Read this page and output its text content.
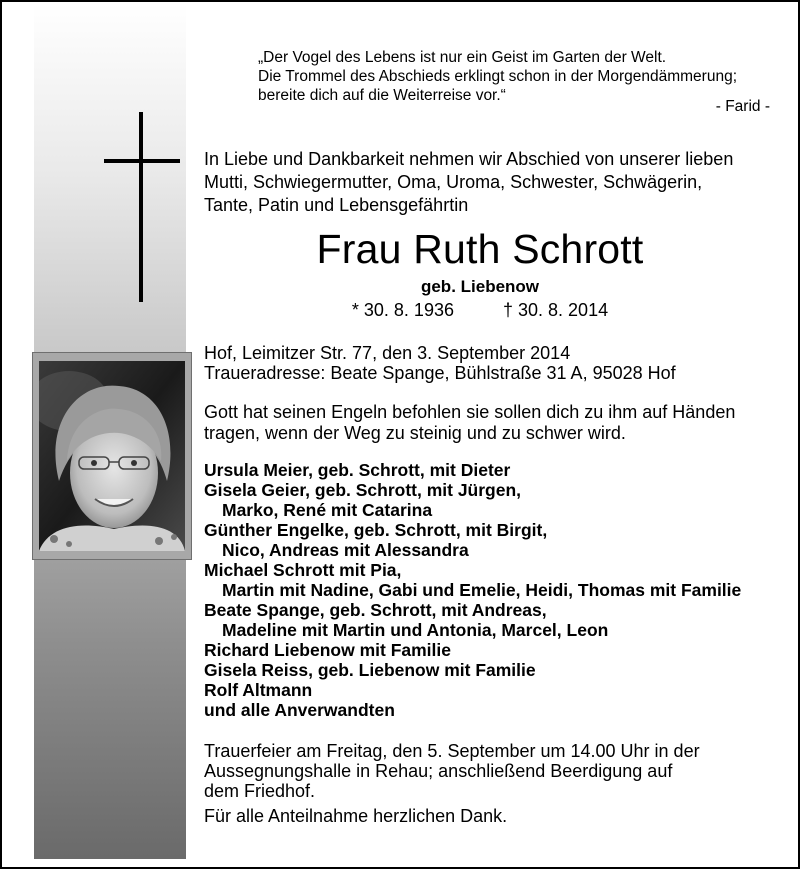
„Der Vogel des Lebens ist nur ein Geist im Garten der Welt.
Die Trommel des Abschieds erklingt schon in der Morgendämmerung;
bereite dich auf die Weiterreise vor.“
- Farid -
In Liebe und Dankbarkeit nehmen wir Abschied von unserer lieben
Mutti, Schwiegermutter, Oma, Uroma, Schwester, Schwägerin,
Tante, Patin und Lebensgefährtin
Frau Ruth Schrott
geb. Liebenow
* 30. 8. 1936	† 30. 8. 2014
Hof, Leimitzer Str. 77, den 3. September 2014
Traueradresse: Beate Spange, Bühlstraße 31 A, 95028 Hof
Gott hat seinen Engeln befohlen sie sollen dich zu ihm auf Händen
tragen, wenn der Weg zu steinig und zu schwer wird.
Ursula Meier, geb. Schrott, mit Dieter
Gisela Geier, geb. Schrott, mit Jürgen,
Marko, René mit Catarina
Günther Engelke, geb. Schrott, mit Birgit,
Nico, Andreas mit Alessandra
Michael Schrott mit Pia,
Martin mit Nadine, Gabi und Emelie, Heidi, Thomas mit Familie
Beate Spange, geb. Schrott, mit Andreas,
Madeline mit Martin und Antonia, Marcel, Leon
Richard Liebenow mit Familie
Gisela Reiss, geb. Liebenow mit Familie
Rolf Altmann
und alle Anverwandten
Trauerfeier am Freitag, den 5. September um 14.00 Uhr in der
Aussegnungshalle in Rehau; anschließend Beerdigung auf
dem Friedhof.
Für alle Anteilnahme herzlichen Dank.
